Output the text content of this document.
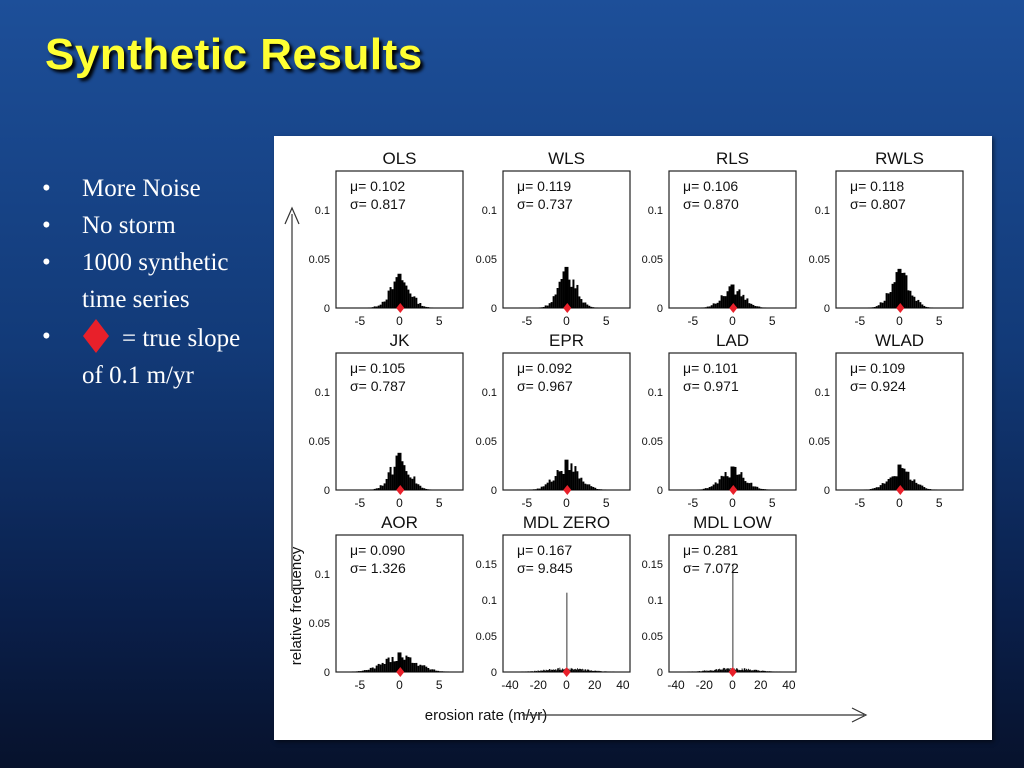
Synthetic Results
• More Noise
• No storm
• 1000 synthetic time series
•	= true slope of 0.1 m/yr
OLS
μ= 0.102
σ= 0.817
0
0.05
0.1
-5	0	5
WLS
μ= 0.119
σ= 0.737
0
0.05
0.1
-5	0	5
RLS
μ= 0.106
σ= 0.870
0
0.05
0.1
-5	0	5
RWLS
μ= 0.118
σ= 0.807
0
0.05
0.1
-5	0	5
JK
μ= 0.105
σ= 0.787
0
0.05
0.1
-5	0	5
EPR
μ= 0.092
σ= 0.967
0
0.05
0.1
-5	0	5
LAD
μ= 0.101
σ= 0.971
0
0.05
0.1
-5	0	5
WLAD
μ= 0.109
σ= 0.924
0
0.05
0.1
-5	0	5
AOR
μ= 0.090
σ= 1.326
0
0.05
0.1
-5	0	5
MDL ZERO
μ= 0.167
σ= 9.845
0
0.05
0.1
0.15
-40 -20 0 20 40
MDL LOW
μ= 0.281
σ= 7.072
0
0.05
0.1
0.15
-40 -20 0 20 40
relative frequency
erosion rate (m/yr)
